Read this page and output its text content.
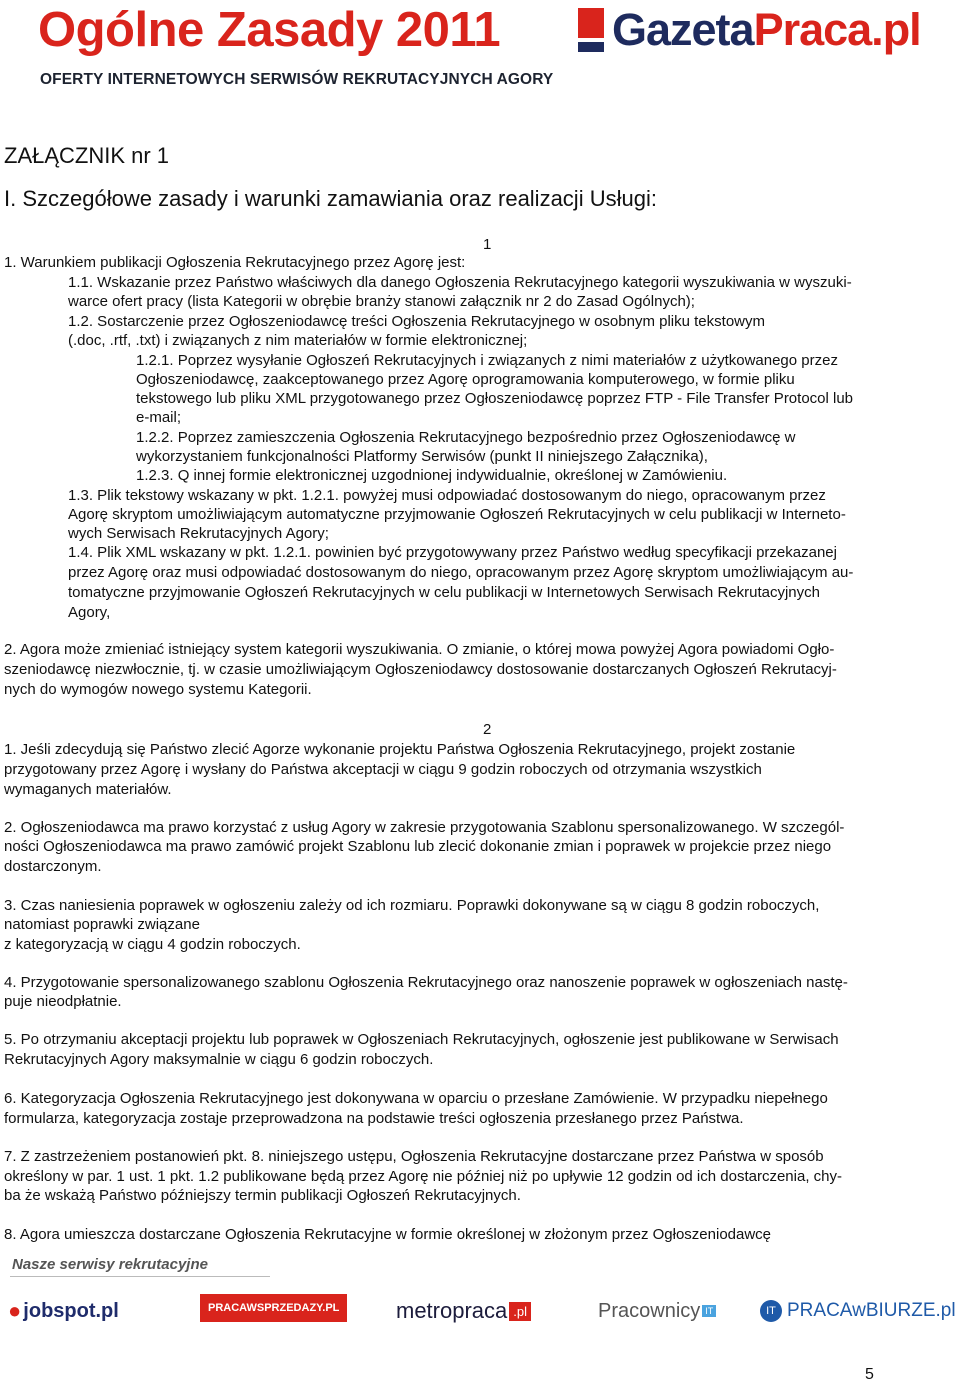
Ogólne Zasady 2011
OFERTY INTERNETOWYCH SERWISÓW REKRUTACYJNYCH AGORY
GazetaPraca.pl
ZAŁĄCZNIK nr 1
I. Szczegółowe zasady i warunki zamawiania oraz realizacji Usługi:
1
2
1. Warunkiem publikacji Ogłoszenia Rekrutacyjnego przez Agorę jest:
1.1. Wskazanie przez Państwo właściwych dla danego Ogłoszenia Rekrutacyjnego kategorii wyszukiwania w wyszuki-
warce ofert pracy (lista Kategorii w obrębie branży stanowi załącznik nr 2 do Zasad Ogólnych);
1.2. Sostarczenie przez Ogłoszeniodawcę treści Ogłoszenia Rekrutacyjnego w osobnym pliku tekstowym
(.doc, .rtf, .txt) i związanych z nim materiałów w formie elektronicznej;
1.2.1. Poprzez wysyłanie Ogłoszeń Rekrutacyjnych i związanych z nimi materiałów z użytkowanego przez
Ogłoszeniodawcę, zaakceptowanego przez Agorę oprogramowania komputerowego, w formie pliku
tekstowego lub pliku XML przygotowanego przez Ogłoszeniodawcę poprzez FTP - File Transfer Protocol lub
e-mail;
1.2.2. Poprzez zamieszczenia Ogłoszenia Rekrutacyjnego bezpośrednio przez Ogłoszeniodawcę w
wykorzystaniem funkcjonalności Platformy Serwisów (punkt II niniejszego Załącznika),
1.2.3. Q innej formie elektronicznej uzgodnionej indywidualnie, określonej w Zamówieniu.
1.3. Plik tekstowy wskazany w pkt. 1.2.1. powyżej musi odpowiadać dostosowanym do niego, opracowanym przez
Agorę skryptom umożliwiającym automatyczne przyjmowanie Ogłoszeń Rekrutacyjnych w celu publikacji w Interneto-
wych Serwisach Rekrutacyjnych Agory;
1.4. Plik XML wskazany w pkt. 1.2.1. powinien być przygotowywany przez Państwo według specyfikacji przekazanej
przez Agorę oraz musi odpowiadać dostosowanym do niego, opracowanym przez Agorę skryptom umożliwiającym au-
tomatyczne przyjmowanie Ogłoszeń Rekrutacyjnych w celu publikacji w Internetowych Serwisach Rekrutacyjnych
Agory,
2. Agora może zmieniać istniejący system kategorii wyszukiwania. O zmianie, o której mowa powyżej Agora powiadomi Ogło-
szeniodawcę niezwłocznie, tj. w czasie umożliwiającym Ogłoszeniodawcy dostosowanie dostarczanych Ogłoszeń Rekrutacyj-
nych do wymogów nowego systemu Kategorii.
1. Jeśli zdecydują się Państwo zlecić Agorze wykonanie projektu Państwa Ogłoszenia Rekrutacyjnego, projekt zostanie
przygotowany przez Agorę i wysłany do Państwa akceptacji w ciągu 9 godzin roboczych od otrzymania wszystkich
wymaganych materiałów.
2. Ogłoszeniodawca ma prawo korzystać z usług Agory w zakresie przygotowania Szablonu spersonalizowanego. W szczegól-
ności Ogłoszeniodawca ma prawo zamówić projekt Szablonu lub zlecić dokonanie zmian i poprawek w projekcie przez niego
dostarczonym.
3. Czas naniesienia poprawek w ogłoszeniu zależy od ich rozmiaru. Poprawki dokonywane są w ciągu 8 godzin roboczych,
natomiast poprawki związane
z kategoryzacją w ciągu 4 godzin roboczych.
4. Przygotowanie spersonalizowanego szablonu Ogłoszenia Rekrutacyjnego oraz nanoszenie poprawek w ogłoszeniach nastę-
puje nieodpłatnie.
5. Po otrzymaniu akceptacji projektu lub poprawek w Ogłoszeniach Rekrutacyjnych, ogłoszenie jest publikowane w Serwisach
Rekrutacyjnych Agory maksymalnie w ciągu 6 godzin roboczych.
6. Kategoryzacja Ogłoszenia Rekrutacyjnego jest dokonywana w oparciu o przesłane Zamówienie. W przypadku niepełnego
formularza, kategoryzacja zostaje przeprowadzona na podstawie treści ogłoszenia przesłanego przez Państwa.
7. Z zastrzeżeniem postanowień pkt. 8. niniejszego ustępu, Ogłoszenia Rekrutacyjne dostarczane przez Państwa w sposób
określony w par. 1 ust. 1 pkt. 1.2 publikowane będą przez Agorę nie później niż po upływie 12 godzin od ich dostarczenia, chy-
ba że wskażą Państwo późniejszy termin publikacji Ogłoszeń Rekrutacyjnych.
8. Agora umieszcza dostarczane Ogłoszenia Rekrutacyjne w formie określonej w złożonym przez Ogłoszeniodawcę
Nasze serwisy rekrutacyjne
● jobspot.pl	PRACAWSPRZEDAZY.PL	metropraca .pl	Pracownicy IT	IT PRACAwBIURZE.pl
5
